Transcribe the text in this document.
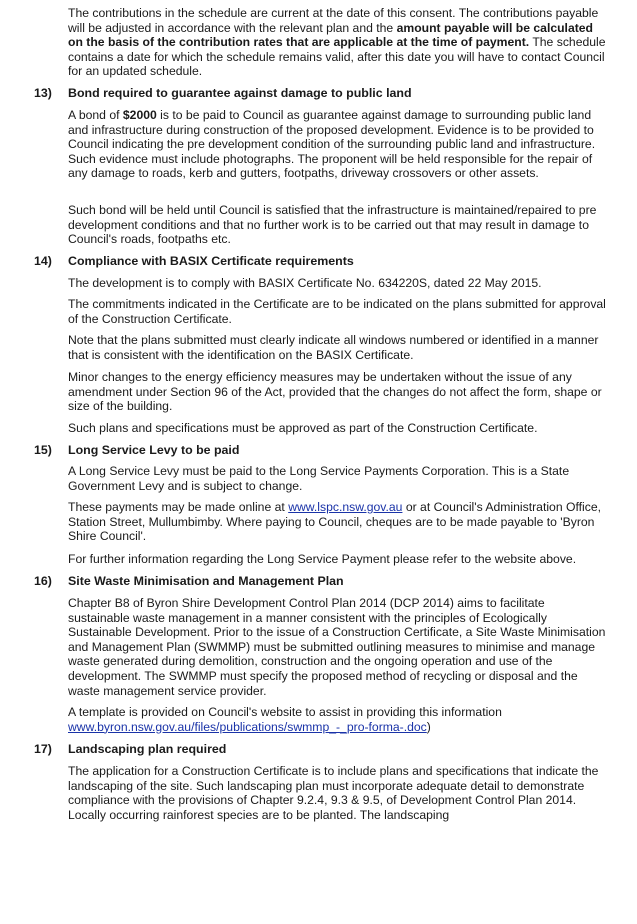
The contributions in the schedule are current at the date of this consent. The contributions payable will be adjusted in accordance with the relevant plan and the amount payable will be calculated on the basis of the contribution rates that are applicable at the time of payment. The schedule contains a date for which the schedule remains valid, after this date you will have to contact Council for an updated schedule.

13) Bond required to guarantee against damage to public land

A bond of $2000 is to be paid to Council as guarantee against damage to surrounding public land and infrastructure during construction of the proposed development. Evidence is to be provided to Council indicating the pre development condition of the surrounding public land and infrastructure. Such evidence must include photographs. The proponent will be held responsible for the repair of any damage to roads, kerb and gutters, footpaths, driveway crossovers or other assets.

Such bond will be held until Council is satisfied that the infrastructure is maintained/repaired to pre development conditions and that no further work is to be carried out that may result in damage to Council's roads, footpaths etc.

14) Compliance with BASIX Certificate requirements

The development is to comply with BASIX Certificate No. 634220S, dated 22 May 2015.

The commitments indicated in the Certificate are to be indicated on the plans submitted for approval of the Construction Certificate.

Note that the plans submitted must clearly indicate all windows numbered or identified in a manner that is consistent with the identification on the BASIX Certificate.

Minor changes to the energy efficiency measures may be undertaken without the issue of any amendment under Section 96 of the Act, provided that the changes do not affect the form, shape or size of the building.

Such plans and specifications must be approved as part of the Construction Certificate.

15) Long Service Levy to be paid

A Long Service Levy must be paid to the Long Service Payments Corporation. This is a State Government Levy and is subject to change.

These payments may be made online at www.lspc.nsw.gov.au or at Council's Administration Office, Station Street, Mullumbimby. Where paying to Council, cheques are to be made payable to 'Byron Shire Council'.

For further information regarding the Long Service Payment please refer to the website above.

16) Site Waste Minimisation and Management Plan

Chapter B8 of Byron Shire Development Control Plan 2014 (DCP 2014) aims to facilitate sustainable waste management in a manner consistent with the principles of Ecologically Sustainable Development. Prior to the issue of a Construction Certificate, a Site Waste Minimisation and Management Plan (SWMMP) must be submitted outlining measures to minimise and manage waste generated during demolition, construction and the ongoing operation and use of the development. The SWMMP must specify the proposed method of recycling or disposal and the waste management service provider.

A template is provided on Council's website to assist in providing this information
www.byron.nsw.gov.au/files/publications/swmmp_-_pro-forma-.doc)

17) Landscaping plan required

The application for a Construction Certificate is to include plans and specifications that indicate the landscaping of the site. Such landscaping plan must incorporate adequate detail to demonstrate compliance with the provisions of Chapter 9.2.4, 9.3 & 9.5, of Development Control Plan 2014. Locally occurring rainforest species are to be planted. The landscaping
